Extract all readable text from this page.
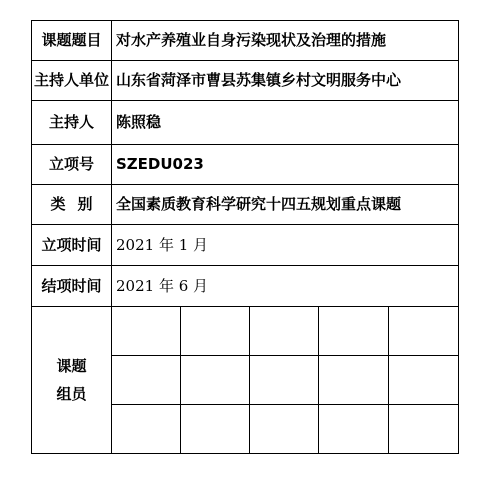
课题题目	对水产养殖业自身污染现状及治理的措施				
主持人单位	山东省菏泽市曹县苏集镇乡村文明服务中心				
主持人	陈照稳				
立项号	SZEDU023				
类 别	全国素质教育科学研究十四五规划重点课题				
立项时间	2021 年 1 月				
结项时间	2021 年 6 月				

课题
组员					
